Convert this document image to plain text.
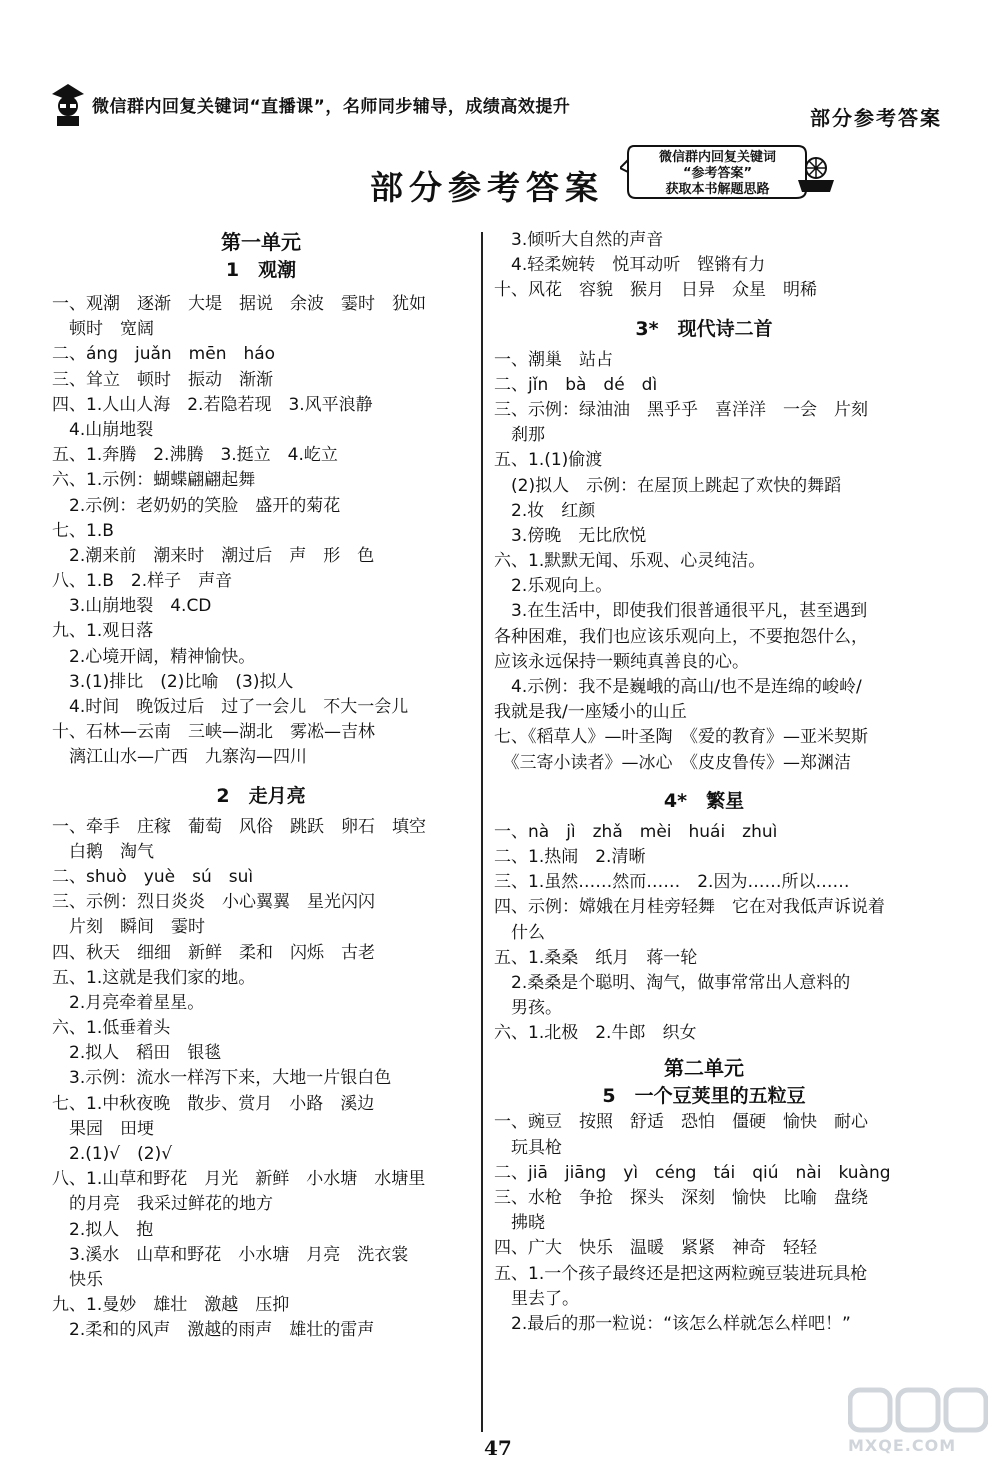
微信群内回复关键词“直播课”，名师同步辅导，成绩高效提升	部分参考答案
部分参考答案
微信群内回复关键词
“参考答案”
获取本书解题思路
第一单元
1　观潮
一、观潮　逐渐　大堤　据说　余波　霎时　犹如
　顿时　宽阔
二、áng　juǎn　mēn　háo
三、耸立　顿时　振动　渐渐
四、1.人山人海　2.若隐若现　3.风平浪静
　4.山崩地裂
五、1.奔腾　2.沸腾　3.挺立　4.屹立
六、1.示例：蝴蝶翩翩起舞
　2.示例：老奶奶的笑脸　盛开的菊花
七、1.B
　2.潮来前　潮来时　潮过后　声　形　色
八、1.B　2.样子　声音
　3.山崩地裂　4.CD
九、1.观日落
　2.心境开阔，精神愉快。
　3.(1)排比　(2)比喻　(3)拟人
　4.时间　晚饭过后　过了一会儿　不大一会儿
十、石林—云南　三峡—湖北　雾凇—吉林
　漓江山水—广西　九寨沟—四川
2　走月亮
一、牵手　庄稼　葡萄　风俗　跳跃　卵石　填空
　白鹅　淘气
二、shuò　yuè　sú　suì
三、示例：烈日炎炎　小心翼翼　星光闪闪
　片刻　瞬间　霎时
四、秋天　细细　新鲜　柔和　闪烁　古老
五、1.这就是我们家的地。
　2.月亮牵着星星。
六、1.低垂着头
　2.拟人　稻田　银毯
　3.示例：流水一样泻下来，大地一片银白色
七、1.中秋夜晚　散步、赏月　小路　溪边
　果园　田埂
　2.(1)√　(2)√
八、1.山草和野花　月光　新鲜　小水塘　水塘里
　的月亮　我采过鲜花的地方
　2.拟人　抱
　3.溪水　山草和野花　小水塘　月亮　洗衣裳
　快乐
九、1.曼妙　雄壮　激越　压抑
　2.柔和的风声　激越的雨声　雄壮的雷声
　3.倾听大自然的声音
　4.轻柔婉转　悦耳动听　铿锵有力
十、风花　容貌　猴月　日异　众星　明稀
3*　现代诗二首
一、潮巢　站占
二、jǐn　bà　dé　dì
三、示例：绿油油　黑乎乎　喜洋洋　一会　片刻
　刹那
五、1.(1)偷渡
　(2)拟人　示例：在屋顶上跳起了欢快的舞蹈
　2.妆　红颜
　3.傍晚　无比欣悦
六、1.默默无闻、乐观、心灵纯洁。
　2.乐观向上。
　3.在生活中，即使我们很普通很平凡，甚至遇到
各种困难，我们也应该乐观向上，不要抱怨什么，
应该永远保持一颗纯真善良的心。
　4.示例：我不是巍峨的高山/也不是连绵的峻岭/
我就是我/一座矮小的山丘
七、《稻草人》—叶圣陶　《爱的教育》—亚米契斯
　《三寄小读者》—冰心　《皮皮鲁传》—郑渊洁
4*　繁星
一、nà　jì　zhǎ　mèi　huái　zhuì
二、1.热闹　2.清晰
三、1.虽然……然而……　2.因为……所以……
四、示例：嫦娥在月桂旁轻舞　它在对我低声诉说着
　什么
五、1.桑桑　纸月　蒋一轮
　2.桑桑是个聪明、淘气，做事常常出人意料的
　男孩。
六、1.北极　2.牛郎　织女
第二单元
5　一个豆荚里的五粒豆
一、豌豆　按照　舒适　恐怕　僵硬　愉快　耐心
　玩具枪
二、jiā　jiāng　yì　céng　tái　qiú　nài　kuàng
三、水枪　争抢　探头　深刻　愉快　比喻　盘绕
　拂晓
四、广大　快乐　温暖　紧紧　神奇　轻轻
五、1.一个孩子最终还是把这两粒豌豆装进玩具枪
　里去了。
　2.最后的那一粒说：“该怎么样就怎么样吧！”
47	MXQE.COM
